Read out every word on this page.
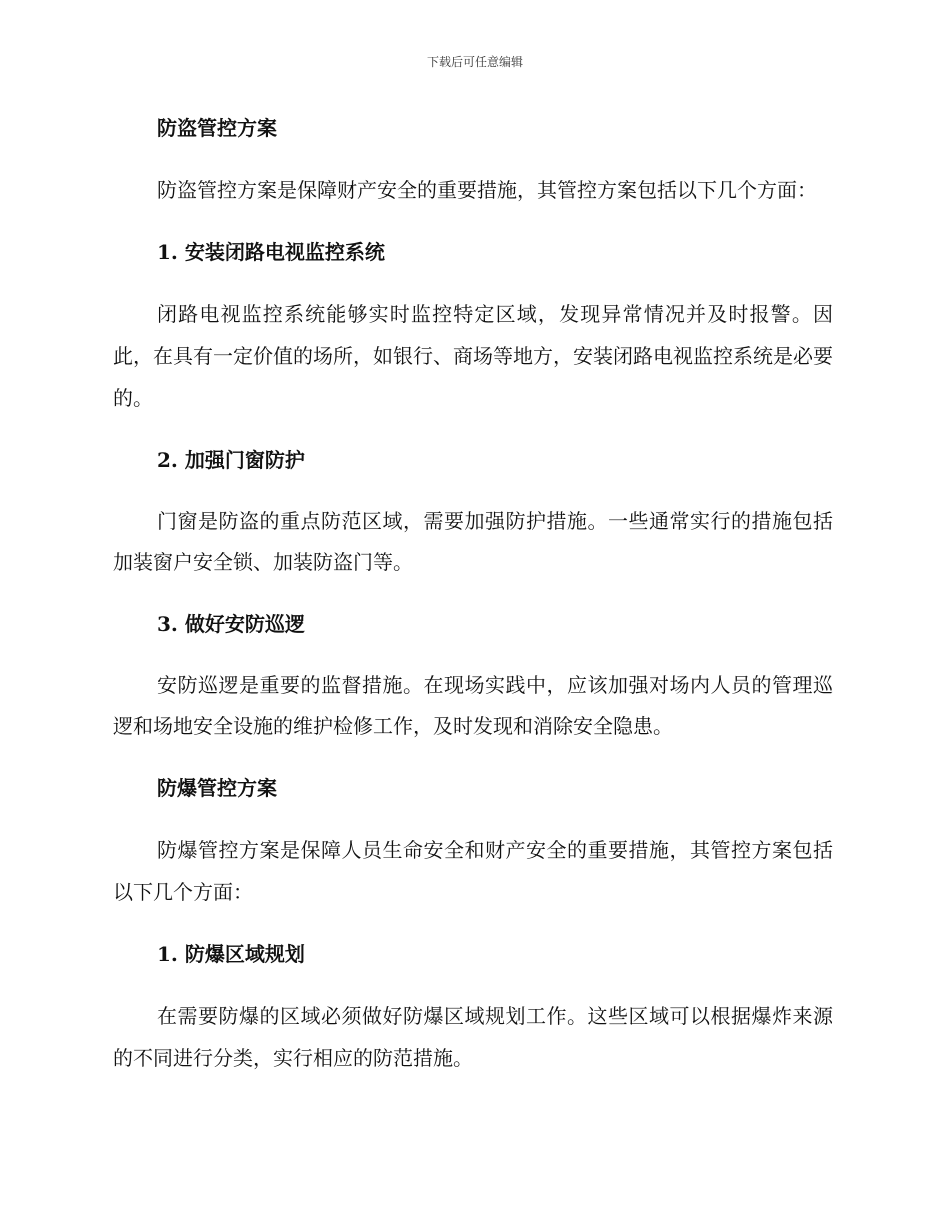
下载后可任意编辑
防盗管控方案
防盗管控方案是保障财产安全的重要措施，其管控方案包括以下几个方面：
1. 安装闭路电视监控系统
闭路电视监控系统能够实时监控特定区域，发现异常情况并及时报警。因此，在具有一定价值的场所，如银行、商场等地方，安装闭路电视监控系统是必要的。
2. 加强门窗防护
门窗是防盗的重点防范区域，需要加强防护措施。一些通常实行的措施包括加装窗户安全锁、加装防盗门等。
3. 做好安防巡逻
安防巡逻是重要的监督措施。在现场实践中，应该加强对场内人员的管理巡逻和场地安全设施的维护检修工作，及时发现和消除安全隐患。
防爆管控方案
防爆管控方案是保障人员生命安全和财产安全的重要措施，其管控方案包括以下几个方面：
1. 防爆区域规划
在需要防爆的区域必须做好防爆区域规划工作。这些区域可以根据爆炸来源的不同进行分类，实行相应的防范措施。
